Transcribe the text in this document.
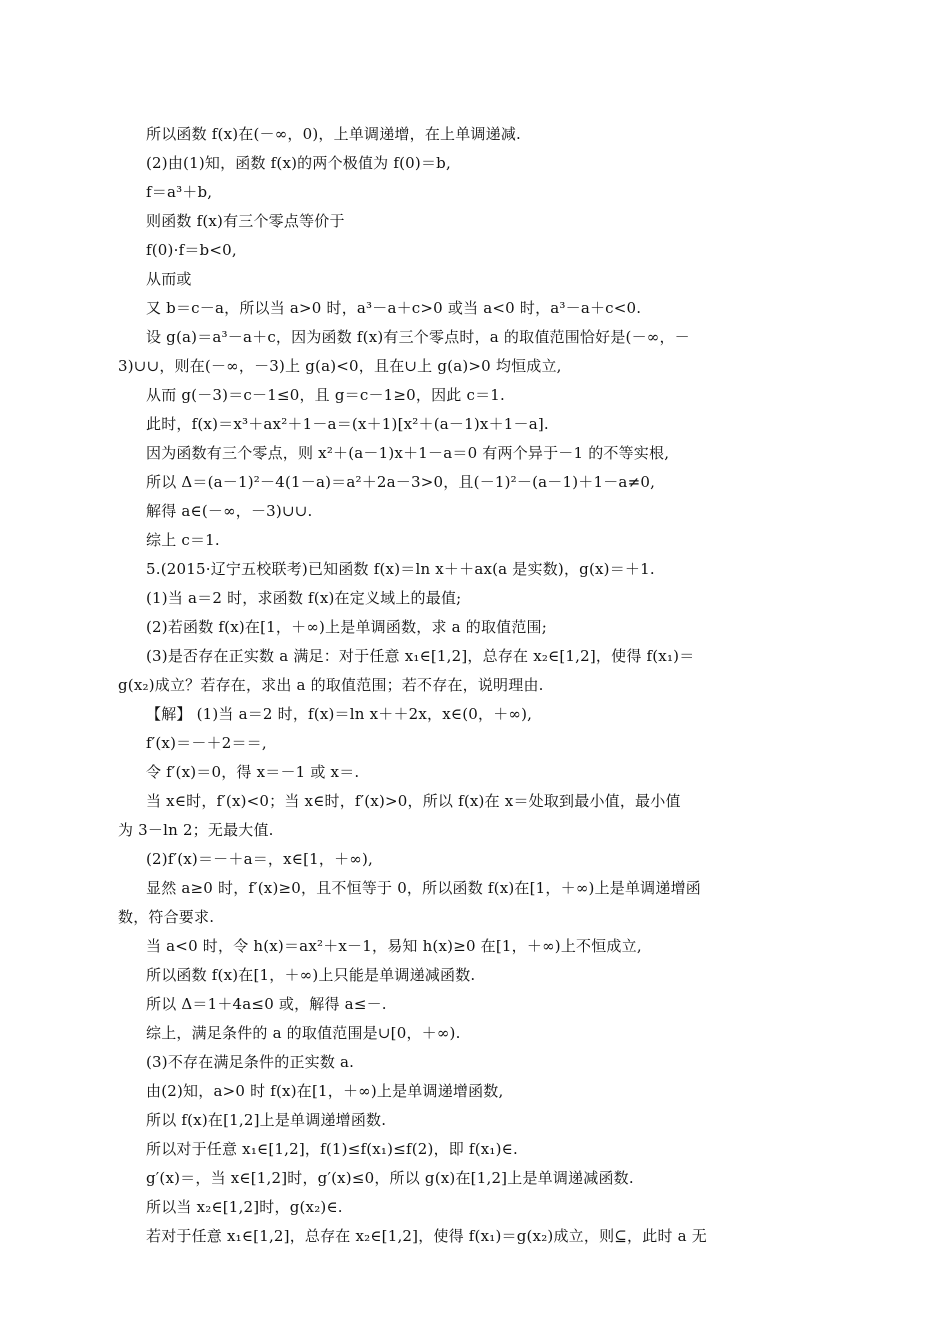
所以函数 f(x)在(－∞，0)，上单调递增，在上单调递减.
(2)由(1)知，函数 f(x)的两个极值为 f(0)＝b,
f＝a³＋b,
则函数 f(x)有三个零点等价于
f(0)·f＝b<0,
从而或
又 b＝c－a，所以当 a>0 时，a³－a＋c>0 或当 a<0 时，a³－a＋c<0.
设 g(a)＝a³－a＋c，因为函数 f(x)有三个零点时，a 的取值范围恰好是(－∞，－
3)∪∪，则在(－∞，－3)上 g(a)<0，且在∪上 g(a)>0 均恒成立,
从而 g(－3)＝c－1≤0，且 g＝c－1≥0，因此 c＝1.
此时，f(x)＝x³＋ax²＋1－a＝(x＋1)[x²＋(a－1)x＋1－a].
因为函数有三个零点，则 x²＋(a－1)x＋1－a＝0 有两个异于－1 的不等实根,
所以 Δ＝(a－1)²－4(1－a)＝a²＋2a－3>0，且(－1)²－(a－1)＋1－a≠0,
解得 a∈(－∞，－3)∪∪.
综上 c＝1.
5.(2015·辽宁五校联考)已知函数 f(x)＝ln x＋＋ax(a 是实数)，g(x)＝＋1.
(1)当 a＝2 时，求函数 f(x)在定义域上的最值;
(2)若函数 f(x)在[1，＋∞)上是单调函数，求 a 的取值范围;
(3)是否存在正实数 a 满足：对于任意 x₁∈[1,2]，总存在 x₂∈[1,2]，使得 f(x₁)＝
g(x₂)成立？若存在，求出 a 的取值范围；若不存在，说明理由.
【解】 (1)当 a＝2 时，f(x)＝ln x＋＋2x，x∈(0，＋∞),
f′(x)＝－＋2＝＝,
令 f′(x)＝0，得 x＝－1 或 x＝.
当 x∈时，f′(x)<0；当 x∈时，f′(x)>0，所以 f(x)在 x＝处取到最小值，最小值
为 3－ln 2；无最大值.
(2)f′(x)＝－＋a＝，x∈[1，＋∞),
显然 a≥0 时，f′(x)≥0，且不恒等于 0，所以函数 f(x)在[1，＋∞)上是单调递增函
数，符合要求.
当 a<0 时，令 h(x)＝ax²＋x－1，易知 h(x)≥0 在[1，＋∞)上不恒成立,
所以函数 f(x)在[1，＋∞)上只能是单调递减函数.
所以 Δ＝1＋4a≤0 或，解得 a≤－.
综上，满足条件的 a 的取值范围是∪[0，＋∞).
(3)不存在满足条件的正实数 a.
由(2)知，a>0 时 f(x)在[1，＋∞)上是单调递增函数,
所以 f(x)在[1,2]上是单调递增函数.
所以对于任意 x₁∈[1,2]，f(1)≤f(x₁)≤f(2)，即 f(x₁)∈.
g′(x)＝，当 x∈[1,2]时，g′(x)≤0，所以 g(x)在[1,2]上是单调递减函数.
所以当 x₂∈[1,2]时，g(x₂)∈.
若对于任意 x₁∈[1,2]，总存在 x₂∈[1,2]，使得 f(x₁)＝g(x₂)成立，则⊆，此时 a 无
